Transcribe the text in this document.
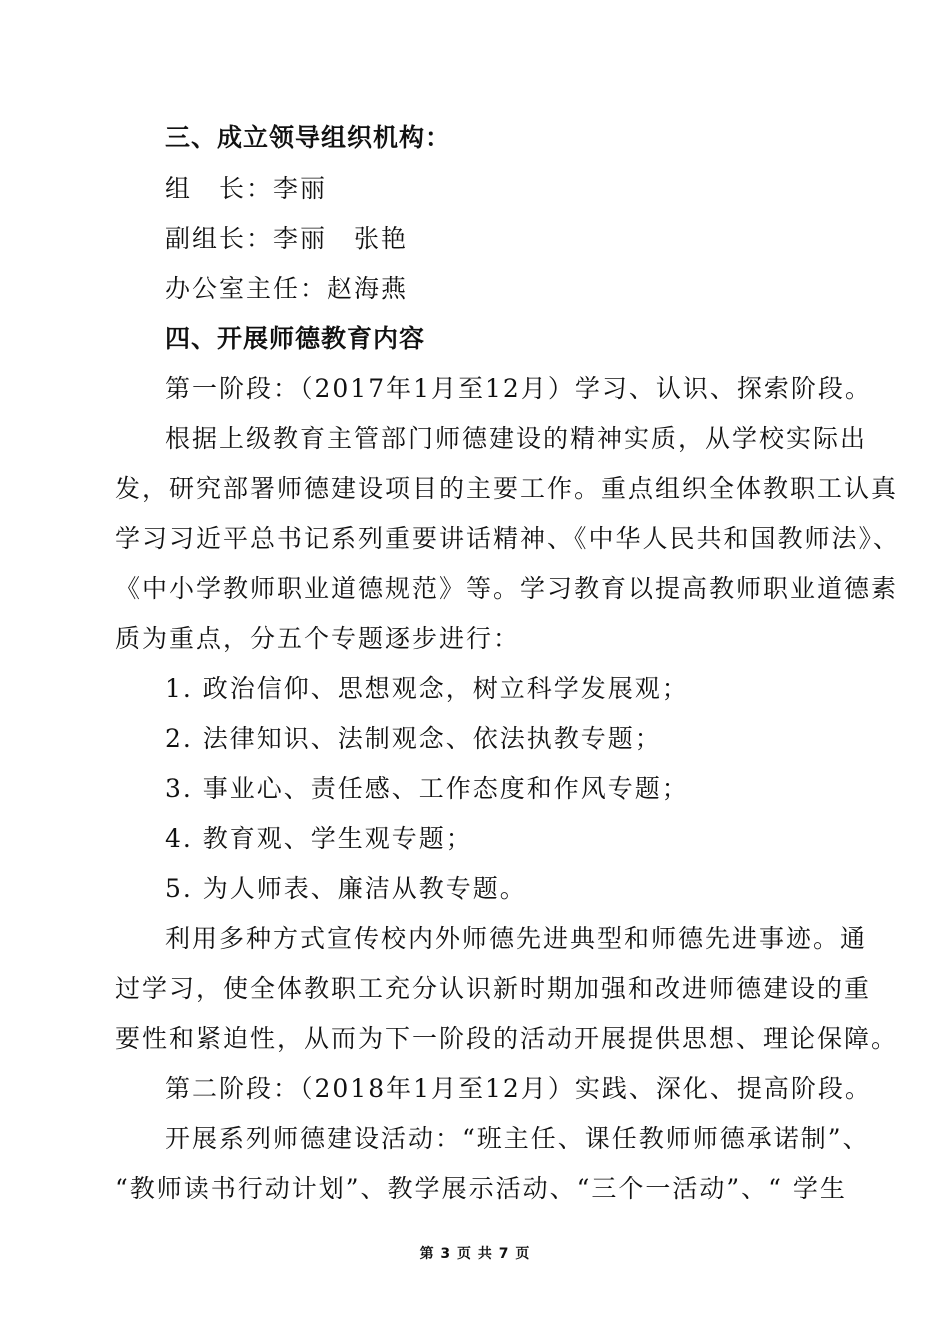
三、成立领导组织机构：
组　长：李丽
副组长：李丽　张艳
办公室主任：赵海燕
四、开展师德教育内容
第一阶段：（2017年1月至12月）学习、认识、探索阶段。
根据上级教育主管部门师德建设的精神实质，从学校实际出
发，研究部署师德建设项目的主要工作。重点组织全体教职工认真
学习习近平总书记系列重要讲话精神、《中华人民共和国教师法》、
《中小学教师职业道德规范》等。学习教育以提高教师职业道德素
质为重点，分五个专题逐步进行：
1. 政治信仰、思想观念，树立科学发展观；
2. 法律知识、法制观念、依法执教专题；
3. 事业心、责任感、工作态度和作风专题；
4. 教育观、学生观专题；
5. 为人师表、廉洁从教专题。
利用多种方式宣传校内外师德先进典型和师德先进事迹。通
过学习，使全体教职工充分认识新时期加强和改进师德建设的重
要性和紧迫性，从而为下一阶段的活动开展提供思想、理论保障。
第二阶段：（2018年1月至12月）实践、深化、提高阶段。
开展系列师德建设活动：“班主任、课任教师师德承诺制”、
“教师读书行动计划”、教学展示活动、“三个一活动”、“ 学生
第 3 页 共 7 页
